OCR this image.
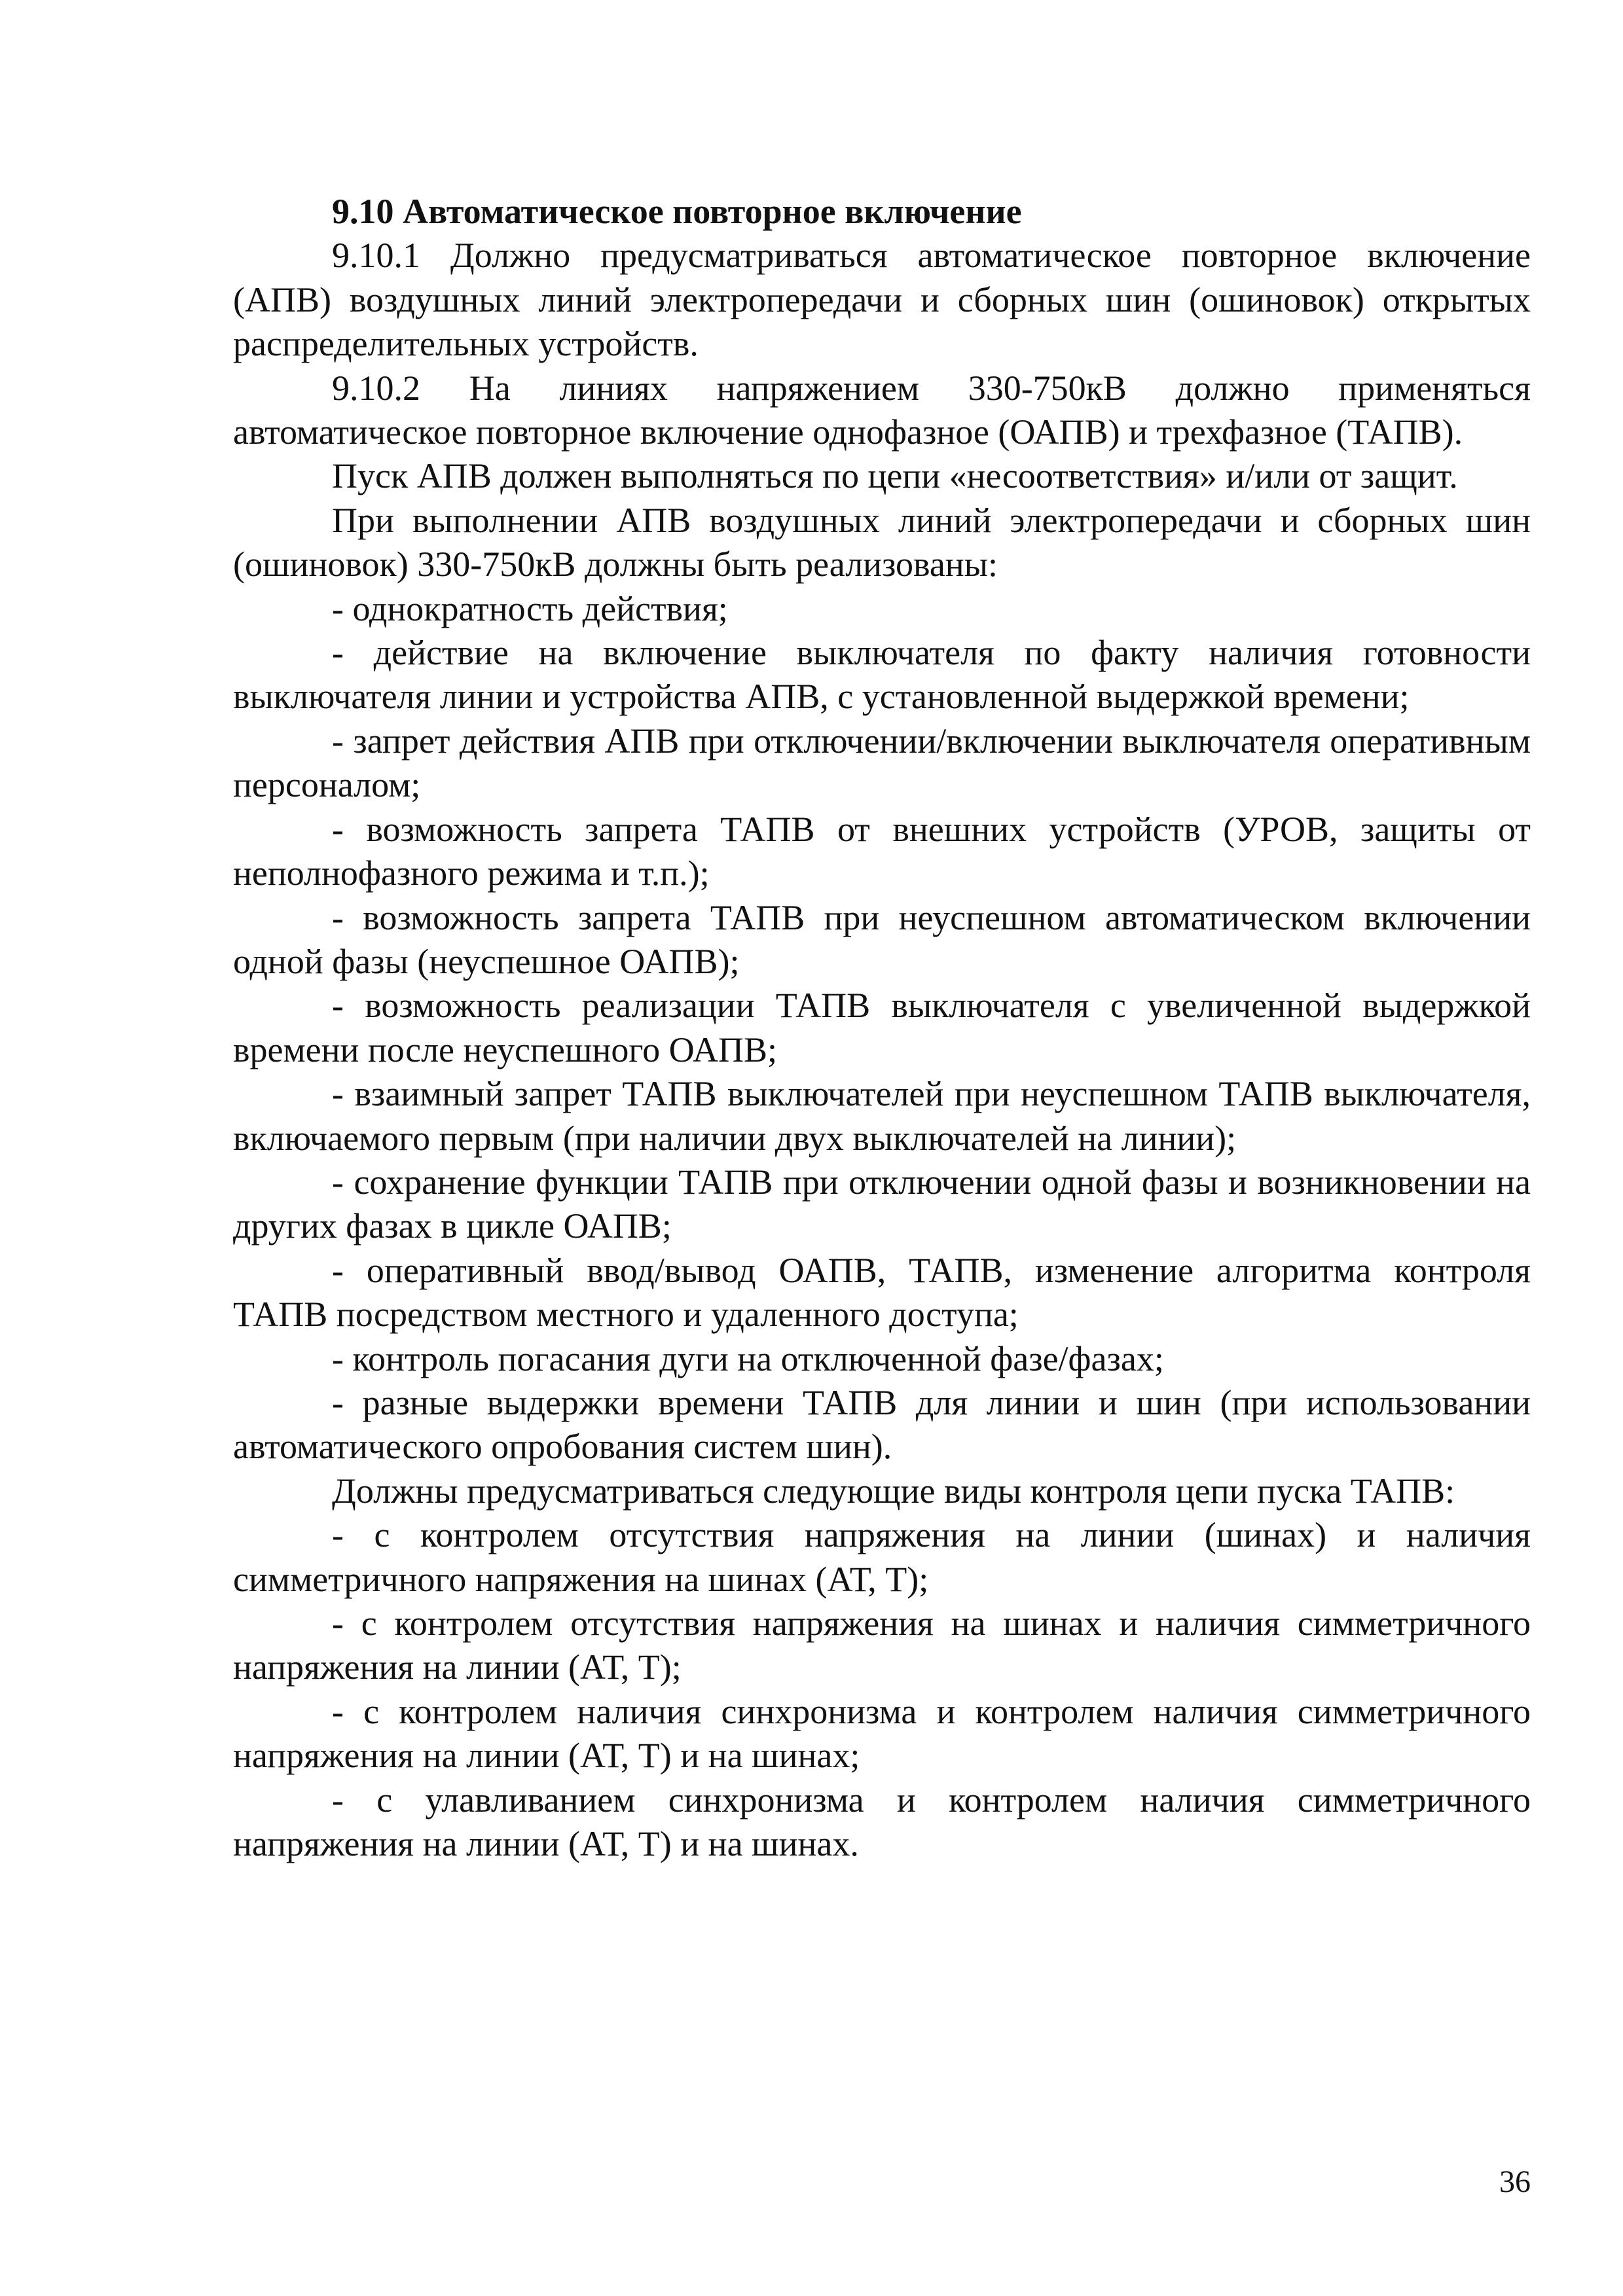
9.10 Автоматическое повторное включение

9.10.1 Должно предусматриваться автоматическое повторное включение (АПВ) воздушных линий электропередачи и сборных шин (ошиновок) открытых распределительных устройств.

9.10.2 На линиях напряжением 330-750кВ должно применяться автоматическое повторное включение однофазное (ОАПВ) и трехфазное (ТАПВ).

Пуск АПВ должен выполняться по цепи «несоответствия» и/или от защит.

При выполнении АПВ воздушных линий электропередачи и сборных шин (ошиновок) 330-750кВ должны быть реализованы:

- однократность действия;

- действие на включение выключателя по факту наличия готовности выключателя линии и устройства АПВ, с установленной выдержкой времени;

- запрет действия АПВ при отключении/включении выключателя оперативным персоналом;

- возможность запрета ТАПВ от внешних устройств (УРОВ, защиты от неполнофазного режима и т.п.);

- возможность запрета ТАПВ при неуспешном автоматическом включении одной фазы (неуспешное ОАПВ);

- возможность реализации ТАПВ выключателя с увеличенной выдержкой времени после неуспешного ОАПВ;

- взаимный запрет ТАПВ выключателей при неуспешном ТАПВ выключателя, включаемого первым (при наличии двух выключателей на линии);

- сохранение функции ТАПВ при отключении одной фазы и возникновении на других фазах в цикле ОАПВ;

- оперативный ввод/вывод ОАПВ, ТАПВ, изменение алгоритма контроля ТАПВ посредством местного и удаленного доступа;

- контроль погасания дуги на отключенной фазе/фазах;

- разные выдержки времени ТАПВ для линии и шин (при использовании автоматического опробования систем шин).

Должны предусматриваться следующие виды контроля цепи пуска ТАПВ:

- с контролем отсутствия напряжения на линии (шинах) и наличия симметричного напряжения на шинах (АТ, Т);

- с контролем отсутствия напряжения на шинах и наличия симметричного напряжения на линии (АТ, Т);

- с контролем наличия синхронизма и контролем наличия симметричного напряжения на линии (АТ, Т) и на шинах;

- с улавливанием синхронизма и контролем наличия симметричного напряжения на линии (АТ, Т) и на шинах.

36
